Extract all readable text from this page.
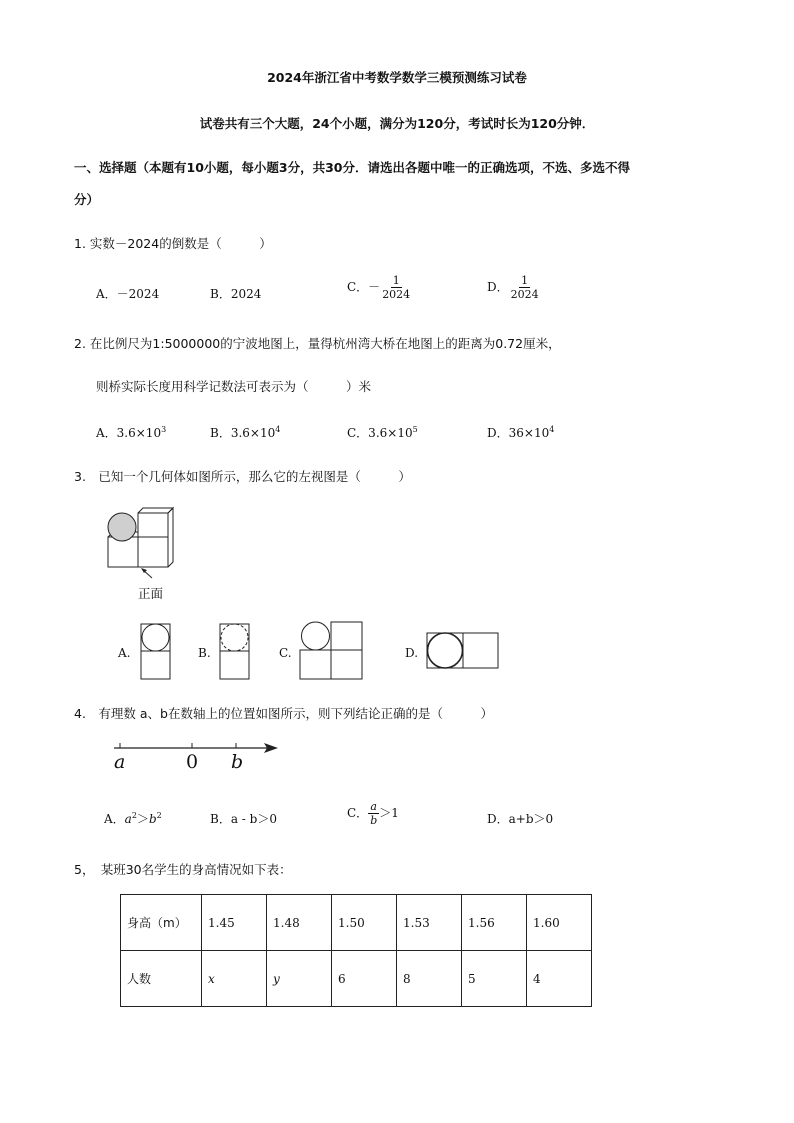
2024年浙江省中考数学数学三模预测练习试卷
试卷共有三个大题，24个小题，满分为120分，考试时长为120分钟．
一、选择题（本题有10小题，每小题3分，共30分．请选出各题中唯一的正确选项，不选、多选不得
分）
1. 实数－2024的倒数是（　　　）
A．－2024	B．2024	C．－ $\frac{1}{2024}$	D． $\frac{1}{2024}$
2. 在比例尺为1:5000000的宁波地图上，量得杭州湾大桥在地图上的距离为0.72厘米，
则桥实际长度用科学记数法可表示为（　　　）米
A．$3.6\times 10^3$	B．$3.6\times 10^4$	C．$3.6\times 10^5$	D．$36\times 10^4$
3.　已知一个几何体如图所示，那么它的左视图是（　　　）
正面
A.	B.	C.	D.
4.　有理数 a、b在数轴上的位置如图所示，则下列结论正确的是（　　　）
a	0 b
A．$a^2>b^2$	B．a - b＞0	C． $\frac{a}{b} >1$	D．a+b＞0
5，　某班30名学生的身高情况如下表：
身高（m）	1.45	1.48	1.50	1.53	1.56	1.60
人数	x	y	6	8	5	4
